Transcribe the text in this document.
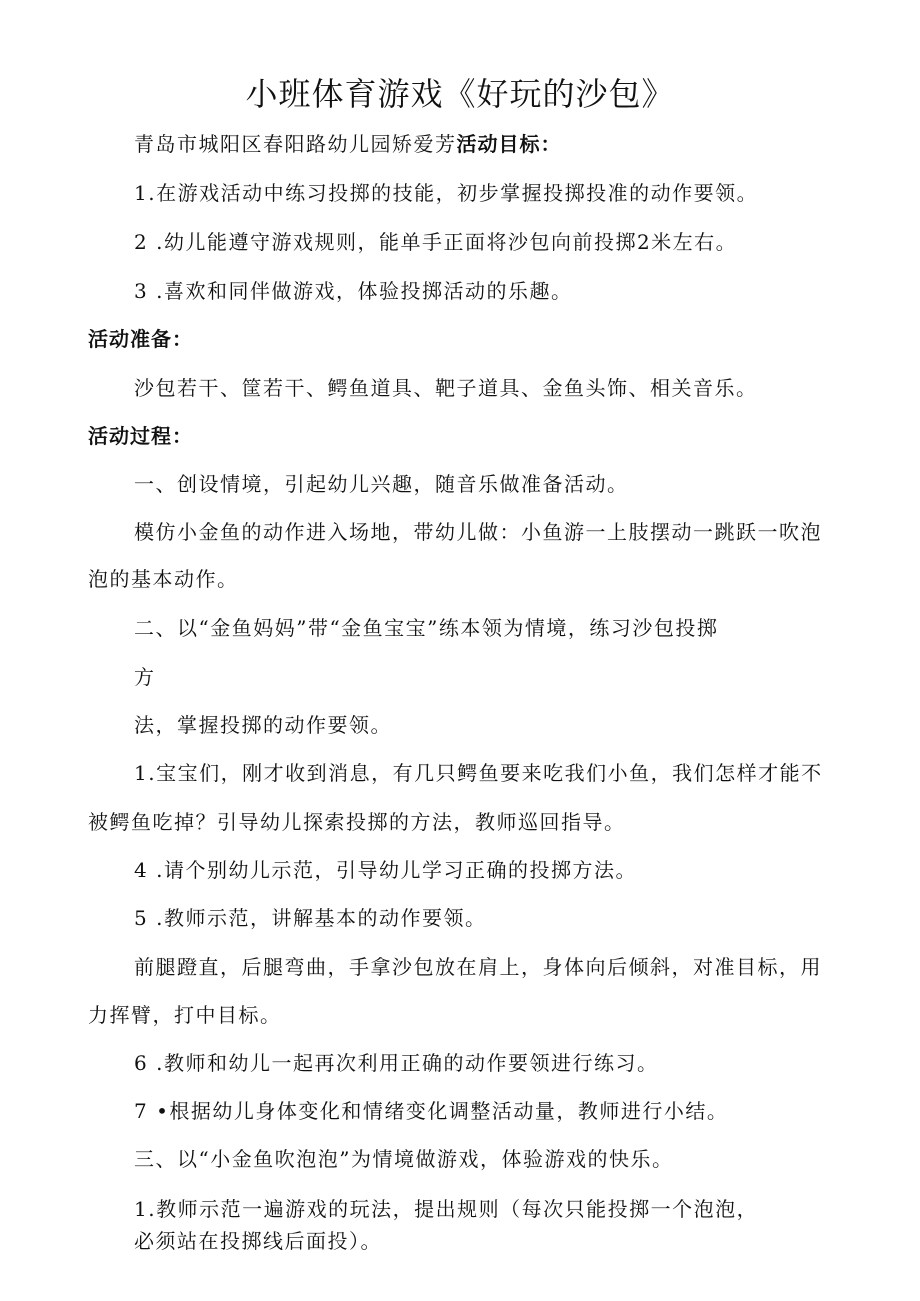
小班体育游戏《好玩的沙包》
青岛市城阳区春阳路幼儿园矫爱芳活动目标：
1.在游戏活动中练习投掷的技能，初步掌握投掷投准的动作要领。
2 .幼儿能遵守游戏规则，能单手正面将沙包向前投掷2米左右。
3 .喜欢和同伴做游戏，体验投掷活动的乐趣。
活动准备：
沙包若干、筐若干、鳄鱼道具、靶子道具、金鱼头饰、相关音乐。
活动过程：
一、创设情境，引起幼儿兴趣，随音乐做准备活动。
模仿小金鱼的动作进入场地，带幼儿做：小鱼游一上肢摆动一跳跃一吹泡
泡的基本动作。
二、以“金鱼妈妈”带“金鱼宝宝”练本领为情境，练习沙包投掷
方
法，掌握投掷的动作要领。
1.宝宝们，刚才收到消息，有几只鳄鱼要来吃我们小鱼，我们怎样才能不
被鳄鱼吃掉？引导幼儿探索投掷的方法，教师巡回指导。
4 .请个别幼儿示范，引导幼儿学习正确的投掷方法。
5 .教师示范，讲解基本的动作要领。
前腿蹬直，后腿弯曲，手拿沙包放在肩上，身体向后倾斜，对准目标，用
力挥臂，打中目标。
6 .教师和幼儿一起再次利用正确的动作要领进行练习。
7 •根据幼儿身体变化和情绪变化调整活动量，教师进行小结。
三、以“小金鱼吹泡泡”为情境做游戏，体验游戏的快乐。
1.教师示范一遍游戏的玩法，提出规则（每次只能投掷一个泡泡，
必须站在投掷线后面投）。
